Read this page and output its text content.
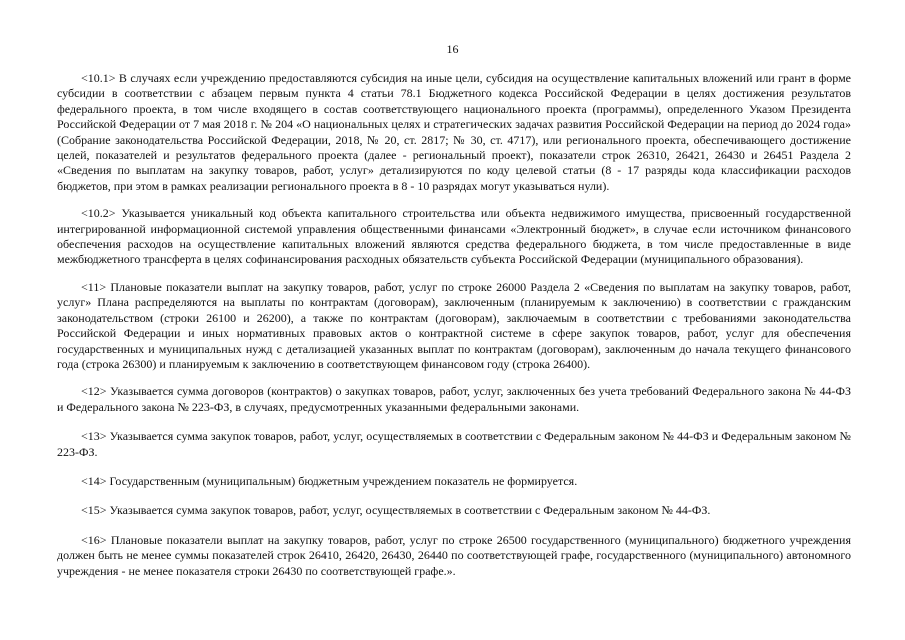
16

<10.1> В случаях если учреждению предоставляются субсидия на иные цели, субсидия на осуществление капитальных вложений или грант в форме субсидии в соответствии с абзацем первым пункта 4 статьи 78.1 Бюджетного кодекса Российской Федерации в целях достижения результатов федерального проекта, в том числе входящего в состав соответствующего национального проекта (программы), определенного Указом Президента Российской Федерации от 7 мая 2018 г. № 204 «О национальных целях и стратегических задачах развития Российской Федерации на период до 2024 года» (Собрание законодательства Российской Федерации, 2018, № 20, ст. 2817; № 30, ст. 4717), или регионального проекта, обеспечивающего достижение целей, показателей и результатов федерального проекта (далее - региональный проект), показатели строк 26310, 26421, 26430 и 26451 Раздела 2 «Сведения по выплатам на закупку товаров, работ, услуг» детализируются по коду целевой статьи (8 - 17 разряды кода классификации расходов бюджетов, при этом в рамках реализации регионального проекта в 8 - 10 разрядах могут указываться нули).

<10.2> Указывается уникальный код объекта капитального строительства или объекта недвижимого имущества, присвоенный государственной интегрированной информационной системой управления общественными финансами «Электронный бюджет», в случае если источником финансового обеспечения расходов на осуществление капитальных вложений являются средства федерального бюджета, в том числе предоставленные в виде межбюджетного трансферта в целях софинансирования расходных обязательств субъекта Российской Федерации (муниципального образования).

<11> Плановые показатели выплат на закупку товаров, работ, услуг по строке 26000 Раздела 2 «Сведения по выплатам на закупку товаров, работ, услуг» Плана распределяются на выплаты по контрактам (договорам), заключенным (планируемым к заключению) в соответствии с гражданским законодательством (строки 26100 и 26200), а также по контрактам (договорам), заключаемым в соответствии с требованиями законодательства Российской Федерации и иных нормативных правовых актов о контрактной системе в сфере закупок товаров, работ, услуг для обеспечения государственных и муниципальных нужд с детализацией указанных выплат по контрактам (договорам), заключенным до начала текущего финансового года (строка 26300) и планируемым к заключению в соответствующем финансовом году (строка 26400).

<12> Указывается сумма договоров (контрактов) о закупках товаров, работ, услуг, заключенных без учета требований Федерального закона № 44-ФЗ и Федерального закона № 223-ФЗ, в случаях, предусмотренных указанными федеральными законами.

<13> Указывается сумма закупок товаров, работ, услуг, осуществляемых в соответствии с Федеральным законом № 44-ФЗ и Федеральным законом № 223-ФЗ.

<14> Государственным (муниципальным) бюджетным учреждением показатель не формируется.

<15> Указывается сумма закупок товаров, работ, услуг, осуществляемых в соответствии с Федеральным законом № 44-ФЗ.

<16> Плановые показатели выплат на закупку товаров, работ, услуг по строке 26500 государственного (муниципального) бюджетного учреждения должен быть не менее суммы показателей строк 26410, 26420, 26430, 26440 по соответствующей графе, государственного (муниципального) автономного учреждения - не менее показателя строки 26430 по соответствующей графе.».
